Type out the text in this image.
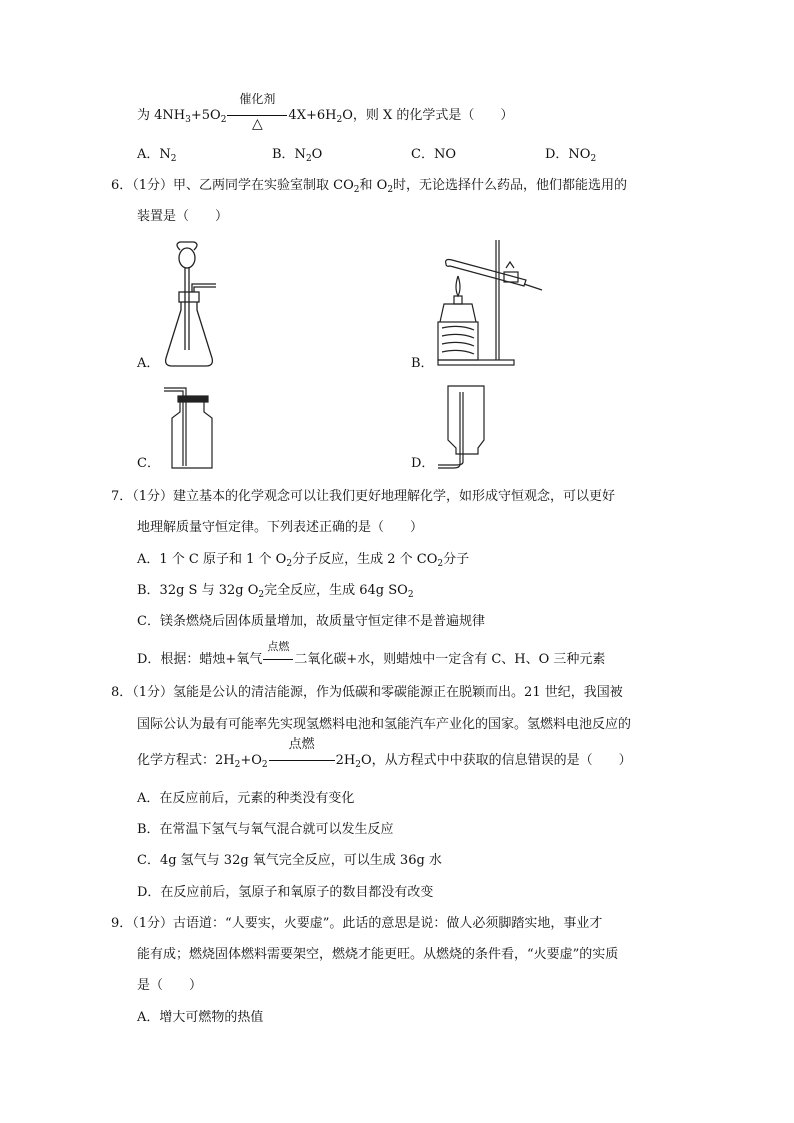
为 $4NH_3+5O_2$
催化剂
△
$4X+6H_2O$，则 X 的化学式是（　　）
A．$N_2$	B．$N_2O$	C．NO	D．$NO_2$
6．（1分）甲、乙两同学在实验室制取 $CO_2$和 $O_2$时，无论选择什么药品，他们都能选用的
装置是（　　）
A．	B．
C．	D．
7．（1分）建立基本的化学观念可以让我们更好地理解化学，如形成守恒观念，可以更好
地理解质量守恒定律。下列表述正确的是（　　）
A．1 个 C 原子和 1 个 $O_2$分子反应，生成 2 个 $CO_2$分子
B．32g S 与 32g $O_2$完全反应，生成 64g $SO_2$
C．镁条燃烧后固体质量增加，故质量守恒定律不是普遍规律
D．根据：蜡烛+氧气
点燃
二氧化碳+水，则蜡烛中一定含有 C、H、O 三种元素
8．（1分）氢能是公认的清洁能源，作为低碳和零碳能源正在脱颖而出。21 世纪，我国被
国际公认为最有可能率先实现氢燃料电池和氢能汽车产业化的国家。氢燃料电池反应的
化学方程式：$2H_2+O_2$
点燃
$2H_2O$，从方程式中中获取的信息错误的是（　　）
A．在反应前后，元素的种类没有变化
B．在常温下氢气与氧气混合就可以发生反应
C．4g 氢气与 32g 氧气完全反应，可以生成 36g 水
D．在反应前后，氢原子和氧原子的数目都没有改变
9．（1分）古语道：“人要实，火要虚”。此话的意思是说：做人必须脚踏实地，事业才
能有成；燃烧固体燃料需要架空，燃烧才能更旺。从燃烧的条件看，“火要虚”的实质
是（　　）
A．增大可燃物的热值
